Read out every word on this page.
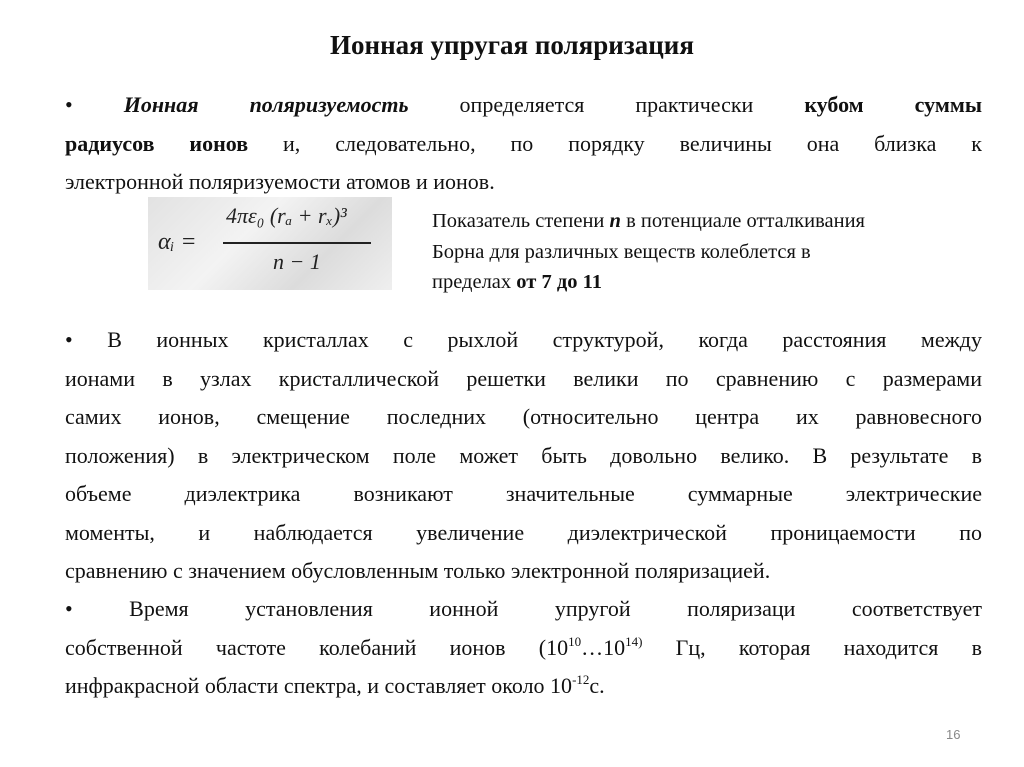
Ионная упругая поляризация
• Ионная поляризуемость определяется практически кубом суммы
радиусов ионов и, следовательно, по порядку величины она близка к
электронной поляризуемости атомов и ионов.
αᵢ =
4πε₀ (rₐ + rₓ)³
n − 1
Показатель степени n в потенциале отталкивания
Борна для различных веществ колеблется в
пределах от 7 до 11
• В ионных кристаллах с рыхлой структурой, когда расстояния между
ионами в узлах кристаллической решетки велики по сравнению с размерами
самих ионов, смещение последних (относительно центра их равновесного
положения) в электрическом поле может быть довольно велико. В результате в
объеме диэлектрика возникают значительные суммарные электрические
моменты, и наблюдается увеличение диэлектрической проницаемости по
сравнению с значением обусловленным только электронной поляризацией.
• Время установления ионной упругой поляризаци соответствует
собственной частоте колебаний ионов ($10^{10}\dots 10^{14)}$ Гц, которая находится в
инфракрасной области спектра, и составляет около $10^{-12}с$.
16
